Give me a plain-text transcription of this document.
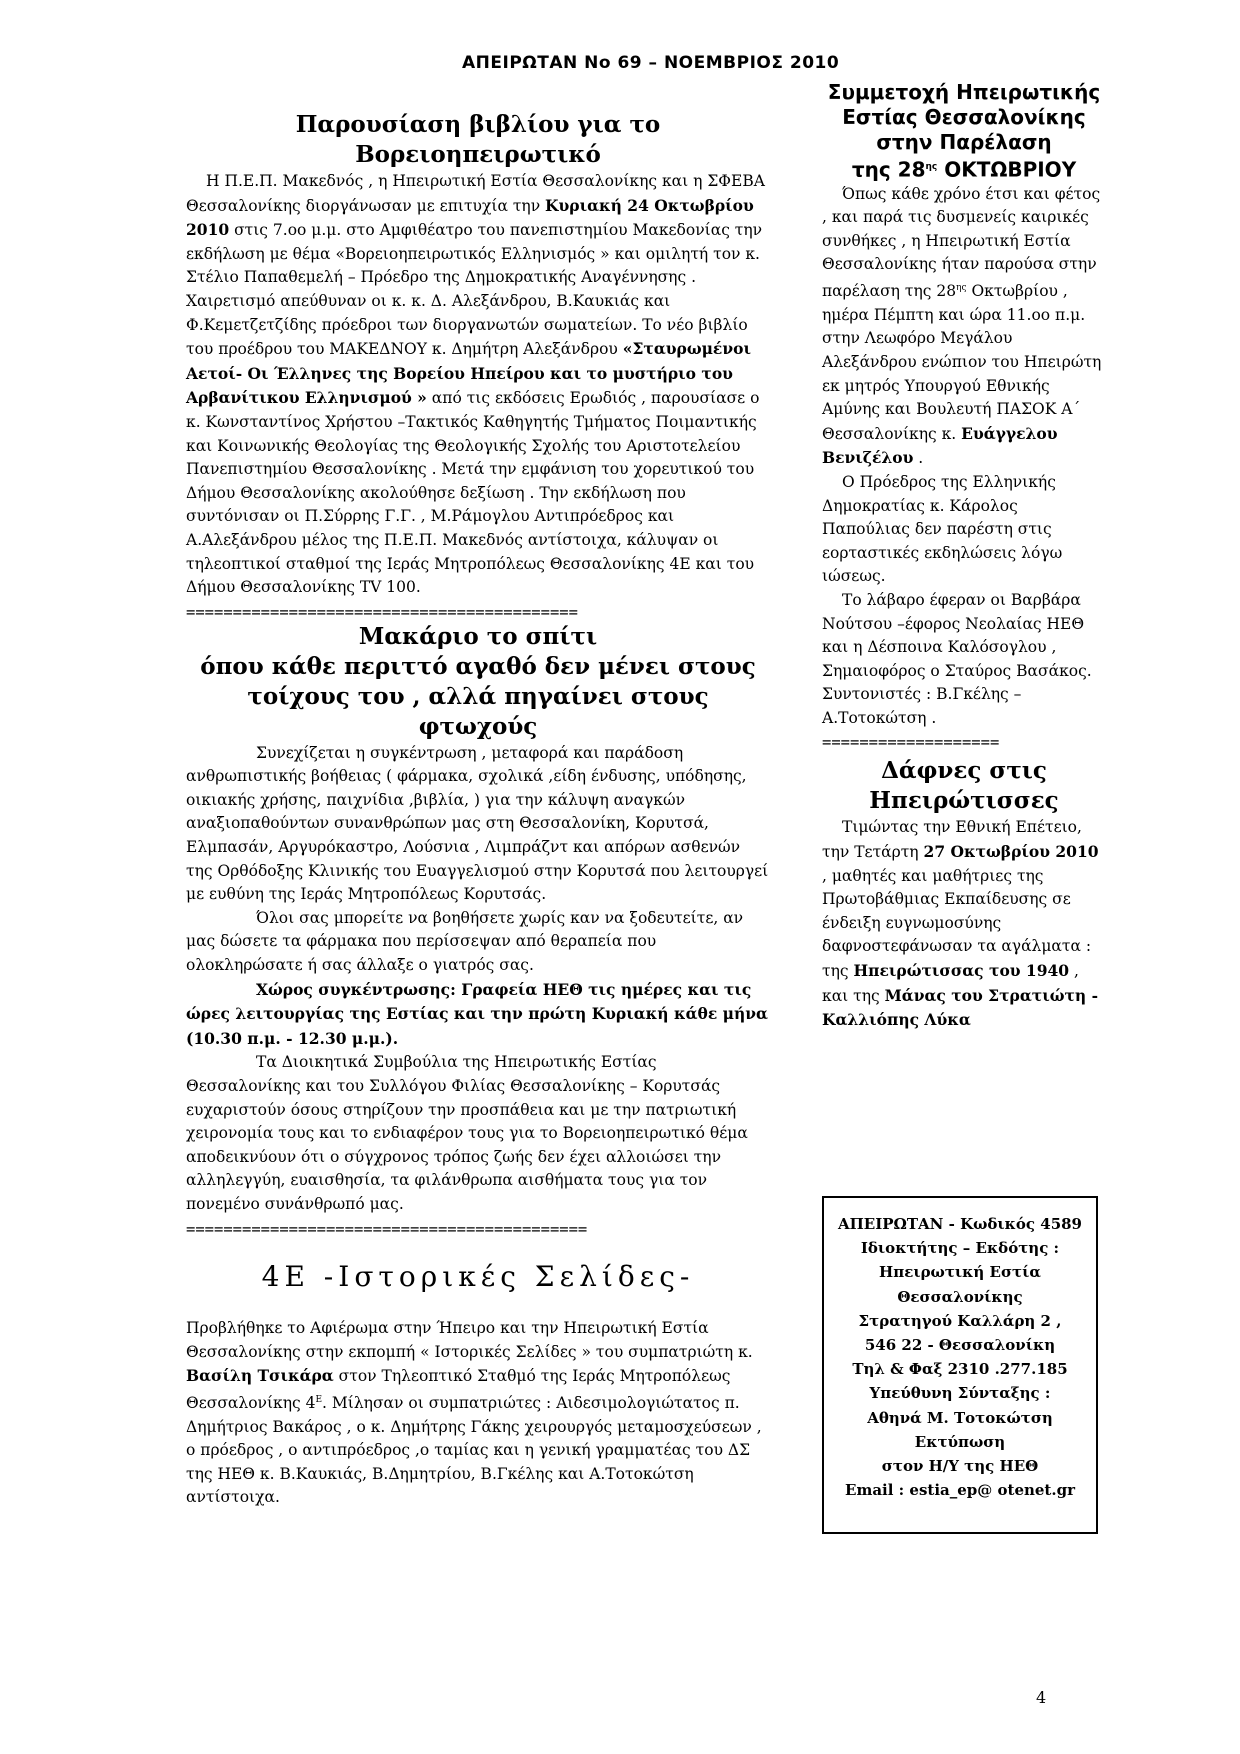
ΑΠΕΙΡΩΤΑΝ Νο 69 – ΝΟΕΜΒΡΙΟΣ 2010
Παρουσίαση βιβλίου για το Βορειοηπειρωτικό

Η Π.Ε.Π. Μακεδνός , η Ηπειρωτική Εστία Θεσσαλονίκης και η ΣΦΕΒΑ Θεσσαλονίκης διοργάνωσαν με επιτυχία την Κυριακή 24 Οκτωβρίου 2010 στις 7.oo μ.μ. στο Αμφιθέατρο του πανεπιστημίου Μακεδονίας την εκδήλωση με θέμα «Βορειοηπειρωτικός Ελληνισμός » και ομιλητή τον κ. Στέλιο Παπαθεμελή – Πρόεδρο της Δημοκρατικής Αναγέννησης . Χαιρετισμό απεύθυναν οι κ. κ. Δ. Αλεξάνδρου, Β.Καυκιάς και Φ.Κεμετζετζίδης πρόεδροι των διοργανωτών σωματείων. Το νέο βιβλίο του προέδρου του ΜΑΚΕΔΝΟΥ κ. Δημήτρη Αλεξάνδρου «Σταυρωμένοι Αετοί- Οι Έλληνες της Βορείου Ηπείρου και το μυστήριο του Αρβανίτικου Ελληνισμού » από τις εκδόσεις Ερωδιός , παρουσίασε ο κ. Κωνσταντίνος Χρήστου –Τακτικός Καθηγητής Τμήματος Ποιμαντικής και Κοινωνικής Θεολογίας της Θεολογικής Σχολής του Αριστοτελείου Πανεπιστημίου Θεσσαλονίκης . Μετά την εμφάνιση του χορευτικού του Δήμου Θεσσαλονίκης ακολούθησε δεξίωση . Την εκδήλωση που συντόνισαν οι Π.Σύρρης Γ.Γ. , Μ.Ράμογλου Αντιπρόεδρος και Α.Αλεξάνδρου μέλος της Π.Ε.Π. Μακεδνός αντίστοιχα, κάλυψαν οι τηλεοπτικοί σταθμοί της Ιεράς Μητροπόλεως Θεσσαλονίκης 4Ε και του Δήμου Θεσσαλονίκης TV 100.

==========================================
Μακάριο το σπίτι
όπου κάθε περιττό αγαθό δεν μένει στους
τοίχους του , αλλά πηγαίνει στους φτωχούς

Συνεχίζεται η συγκέντρωση , μεταφορά και παράδοση ανθρωπιστικής βοήθειας ( φάρμακα, σχολικά ,είδη ένδυσης, υπόδησης, οικιακής χρήσης, παιχνίδια ,βιβλία, ) για την κάλυψη αναγκών αναξιοπαθούντων συνανθρώπων μας στη Θεσσαλονίκη, Κορυτσά, Ελμπασάν, Αργυρόκαστρο, Λούσνια , Λιμπράζντ και απόρων ασθενών της Ορθόδοξης Κλινικής του Ευαγγελισμού στην Κορυτσά που λειτουργεί με ευθύνη της Ιεράς Μητροπόλεως Κορυτσάς.

Όλοι σας μπορείτε να βοηθήσετε χωρίς καν να ξοδευτείτε, αν μας δώσετε τα φάρμακα που περίσσεψαν από θεραπεία που ολοκληρώσατε ή σας άλλαξε ο γιατρός σας.

Χώρος συγκέντρωσης: Γραφεία ΗΕΘ τις ημέρες και τις ώρες λειτουργίας της Εστίας και την πρώτη Κυριακή κάθε μήνα (10.30 π.μ. - 12.30 μ.μ.).

Τα Διοικητικά Συμβούλια της Ηπειρωτικής Εστίας Θεσσαλονίκης και του Συλλόγου Φιλίας Θεσσαλονίκης – Κορυτσάς ευχαριστούν όσους στηρίζουν την προσπάθεια και με την πατριωτική χειρονομία τους και το ενδιαφέρον τους για το Βορειοηπειρωτικό θέμα αποδεικνύουν ότι ο σύγχρονος τρόπος ζωής δεν έχει αλλοιώσει την αλληλεγγύη, ευαισθησία, τα φιλάνθρωπα αισθήματα τους για τον πονεμένο συνάνθρωπό μας.

===========================================
4Ε -Ιστορικές Σελίδες-

Προβλήθηκε το Αφιέρωμα στην Ήπειρο και την Ηπειρωτική Εστία Θεσσαλονίκης στην εκπομπή « Ιστορικές Σελίδες » του συμπατριώτη κ. Βασίλη Τσικάρα στον Τηλεοπτικό Σταθμό της Ιεράς Μητροπόλεως Θεσσαλονίκης $4^E$. Μίλησαν οι συμπατριώτες : Αιδεσιμολογιώτατος π. Δημήτριος Βακάρος , ο κ. Δημήτρης Γάκης χειρουργός μεταμοσχεύσεων , ο πρόεδρος , ο αντιπρόεδρος ,ο ταμίας και η γενική γραμματέας του ΔΣ της ΗΕΘ κ. Β.Καυκιάς, Β.Δημητρίου, Β.Γκέλης και Α.Τοτοκώτση αντίστοιχα.

Συμμετοχή Ηπειρωτικής
Εστίας Θεσσαλονίκης
στην Παρέλαση
της $28^{\eta\varsigma}$ ΟΚΤΩΒΡΙΟΥ

Όπως κάθε χρόνο έτσι και φέτος , και παρά τις δυσμενείς καιρικές συνθήκες , η Ηπειρωτική Εστία Θεσσαλονίκης ήταν παρούσα στην παρέλαση της $28^{\eta\varsigma}$ Οκτωβρίου , ημέρα Πέμπτη και ώρα 11.oo π.μ. στην Λεωφόρο Μεγάλου Αλεξάνδρου ενώπιον του Ηπειρώτη εκ μητρός Υπουργού Εθνικής Αμύνης και Βουλευτή ΠΑΣΟΚ Α΄ Θεσσαλονίκης κ. Ευάγγελου Βενιζέλου .

Ο Πρόεδρος της Ελληνικής Δημοκρατίας κ. Κάρολος Παπούλιας δεν παρέστη στις εορταστικές εκδηλώσεις λόγω ιώσεως.

Το λάβαρο έφεραν οι Βαρβάρα Νούτσου –έφορος Νεολαίας ΗΕΘ και η Δέσποινα Καλόσογλου , Σημαιοφόρος ο Σταύρος Βασάκος. Συντονιστές : Β.Γκέλης – Α.Τοτοκώτση .

===================
Δάφνες στις
Ηπειρώτισσες

Τιμώντας την Εθνική Επέτειο, την Τετάρτη 27 Οκτωβρίου 2010 , μαθητές και μαθήτριες της Πρωτοβάθμιας Εκπαίδευσης σε ένδειξη ευγνωμοσύνης δαφνοστεφάνωσαν τα αγάλματα : της Ηπειρώτισσας του 1940 , και της Μάνας του Στρατιώτη - Καλλιόπης Λύκα

ΑΠΕΙΡΩΤΑΝ - Κωδικός 4589
Ιδιοκτήτης – Εκδότης :
Ηπειρωτική Εστία Θεσσαλονίκης
Στρατηγού Καλλάρη 2 ,
546 22 - Θεσσαλονίκη
Τηλ & Φαξ 2310 .277.185
Υπεύθυνη Σύνταξης :
Αθηνά Μ. Τοτοκώτση
Εκτύπωση
στον Η/Υ της ΗΕΘ
Email : estia_ep@ otenet.gr
4
